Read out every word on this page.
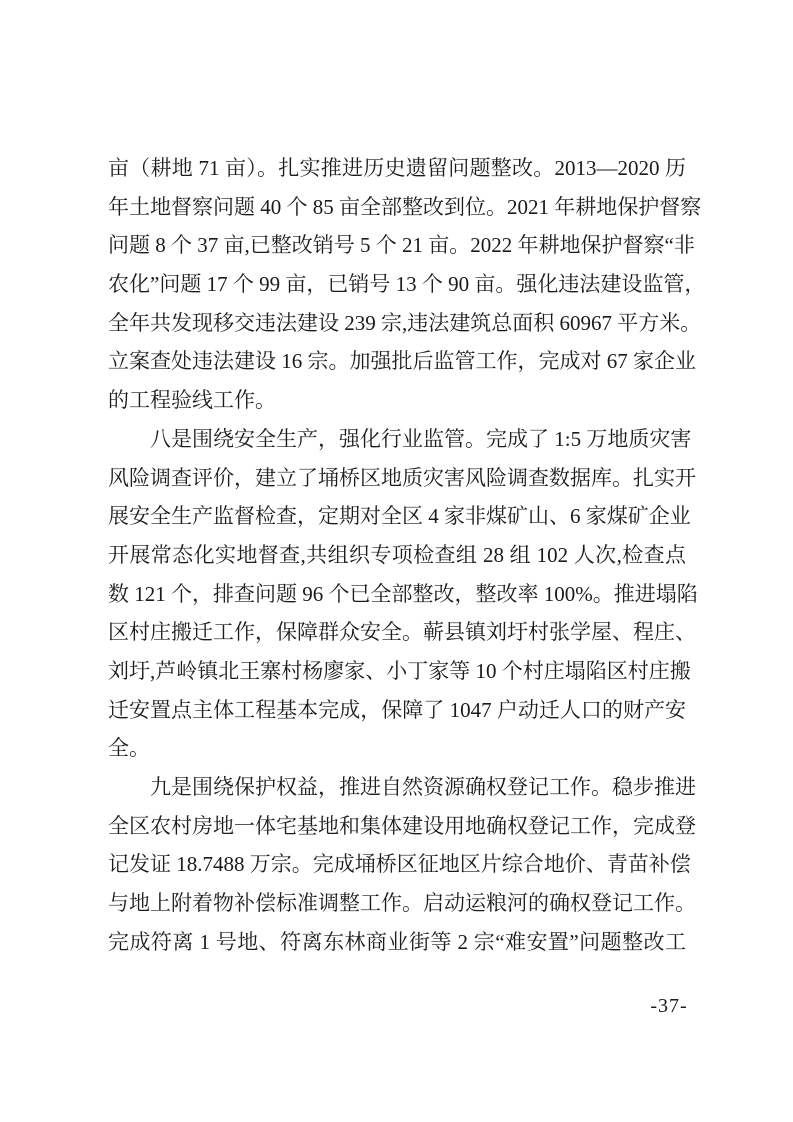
亩（耕地 71 亩）。扎实推进历史遗留问题整改。2013—2020 历
年土地督察问题 40 个 85 亩全部整改到位。2021 年耕地保护督察
问题 8 个 37 亩,已整改销号 5 个 21 亩。2022 年耕地保护督察“非
农化”问题 17 个 99 亩，已销号 13 个 90 亩。强化违法建设监管，
全年共发现移交违法建设 239 宗,违法建筑总面积 60967 平方米。
立案查处违法建设 16 宗。加强批后监管工作，完成对 67 家企业
的工程验线工作。
八是围绕安全生产，强化行业监管。完成了 1:5 万地质灾害
风险调查评价，建立了埇桥区地质灾害风险调查数据库。扎实开
展安全生产监督检查，定期对全区 4 家非煤矿山、6 家煤矿企业
开展常态化实地督查,共组织专项检查组 28 组 102 人次,检查点
数 121 个，排查问题 96 个已全部整改，整改率 100%。推进塌陷
区村庄搬迁工作，保障群众安全。蕲县镇刘圩村张学屋、程庄、
刘圩,芦岭镇北王寨村杨廖家、小丁家等 10 个村庄塌陷区村庄搬
迁安置点主体工程基本完成，保障了 1047 户动迁人口的财产安
全。
九是围绕保护权益，推进自然资源确权登记工作。稳步推进
全区农村房地一体宅基地和集体建设用地确权登记工作，完成登
记发证 18.7488 万宗。完成埇桥区征地区片综合地价、青苗补偿
与地上附着物补偿标准调整工作。启动运粮河的确权登记工作。
完成符离 1 号地、符离东林商业街等 2 宗“难安置”问题整改工
-37-
